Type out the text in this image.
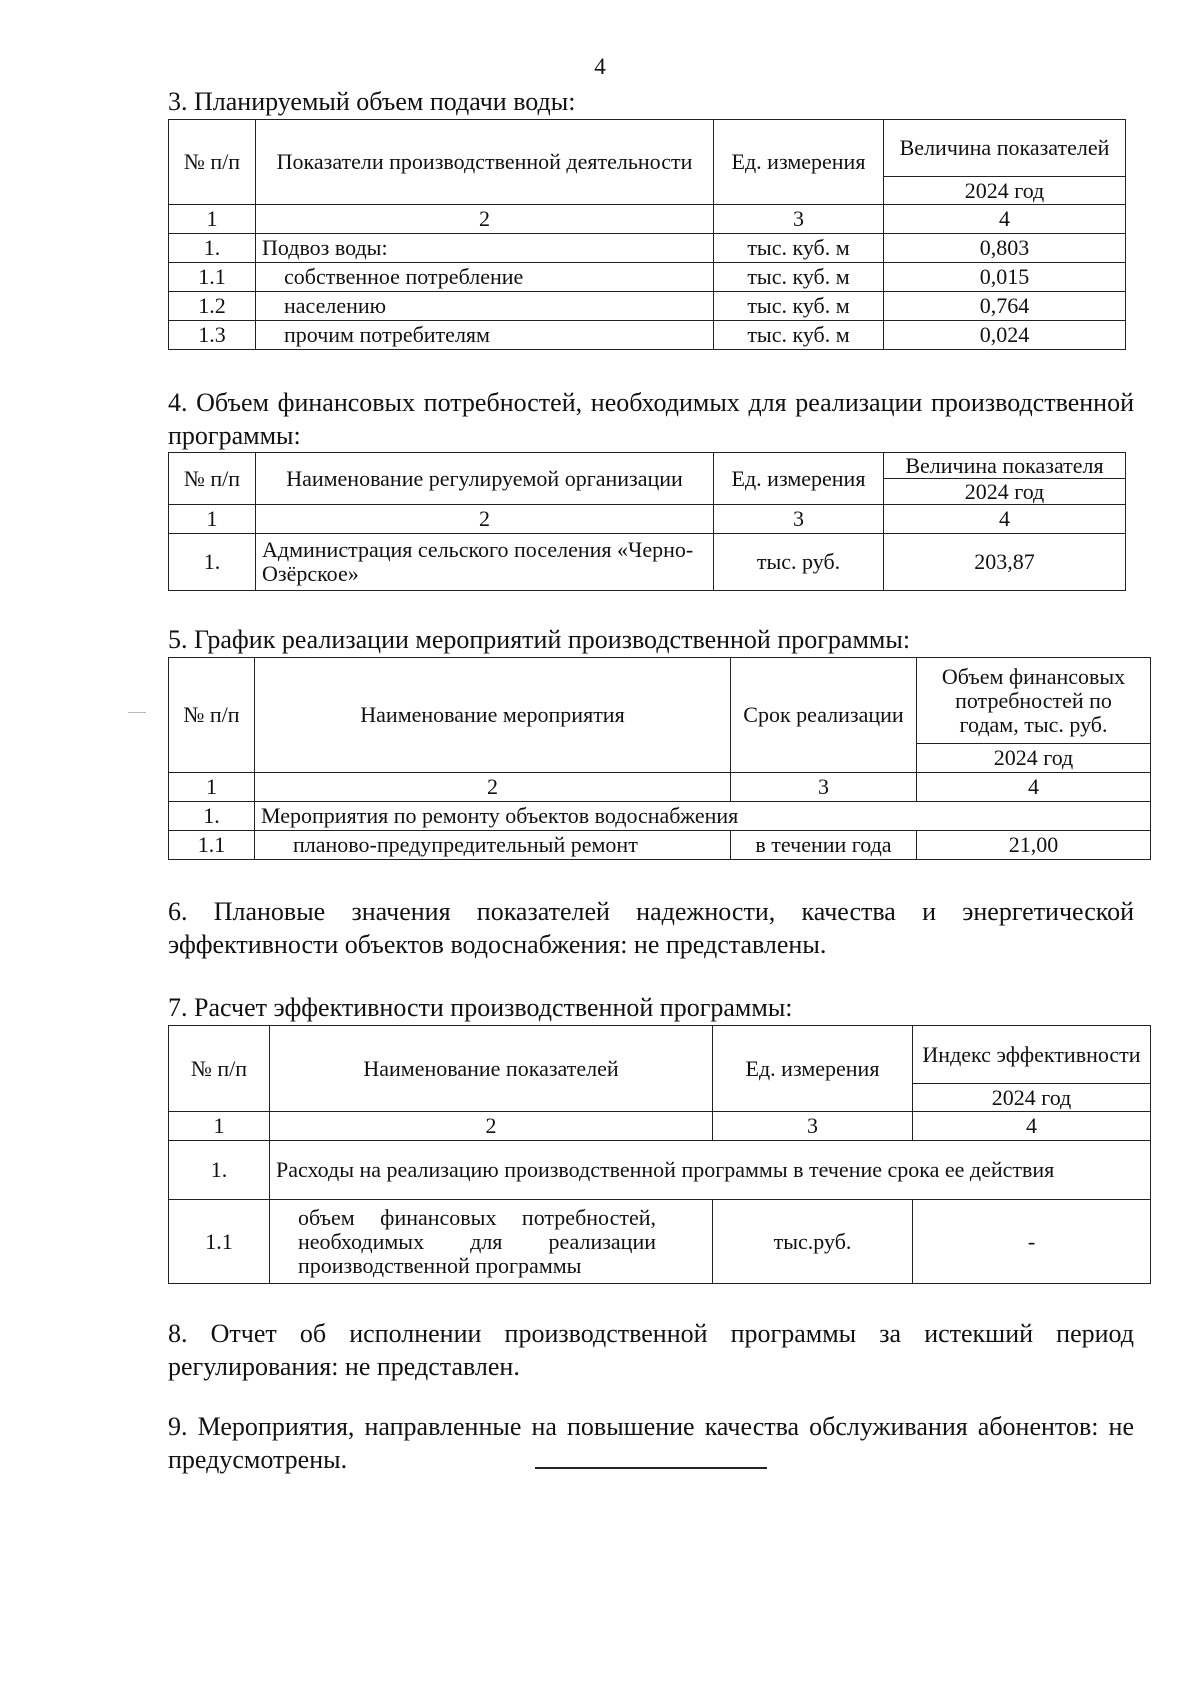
4
3. Планируемый объем подачи воды:
№ п/п	Показатели производственной деятельности	Ед. измерения	Величина показателей
			2024 год
1	2	3	4
1.	Подвоз воды:	тыс. куб. м	0,803
1.1	собственное потребление	тыс. куб. м	0,015
1.2	населению	тыс. куб. м	0,764
1.3	прочим потребителям	тыс. куб. м	0,024
4. Объем финансовых потребностей, необходимых для реализации производственной программы:
№ п/п	Наименование регулируемой организации	Ед. измерения	Величина показателя
			2024 год
1	2	3	4
1.	Администрация сельского поселения «Черно-Озёрское»	тыс. руб.	203,87
5. График реализации мероприятий производственной программы:
№ п/п	Наименование мероприятия	Срок реализации	Объем финансовых потребностей по годам, тыс. руб.
			2024 год
1	2	3	4
1.	Мероприятия по ремонту объектов водоснабжения		
1.1	планово-предупредительный ремонт	в течении года	21,00
6. Плановые значения показателей надежности, качества и энергетической эффективности объектов водоснабжения: не представлены.
7. Расчет эффективности производственной программы:
№ п/п	Наименование показателей	Ед. измерения	Индекс эффективности
			2024 год
1	2	3	4
1.	Расходы на реализацию производственной программы в течение срока ее действия		
1.1	объем финансовых потребностей, необходимых для реализации производственной программы	тыс.руб.	-
8. Отчет об исполнении производственной программы за истекший период регулирования: не представлен.
9. Мероприятия, направленные на повышение качества обслуживания абонентов: не предусмотрены.
